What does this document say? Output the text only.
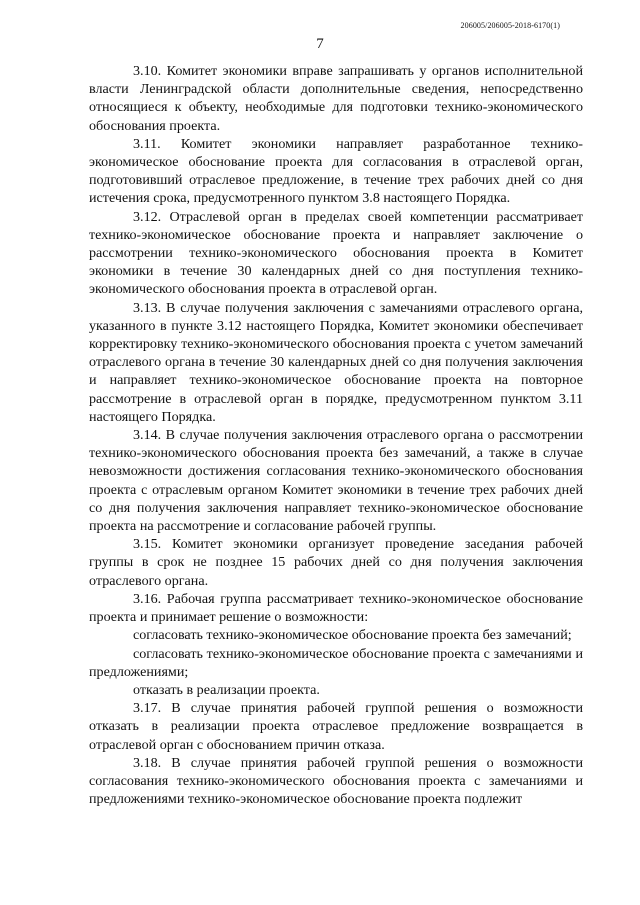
206005/206005-2018-6170(1)
7

3.10. Комитет экономики вправе запрашивать у органов исполнительной власти Ленинградской области дополнительные сведения, непосредственно относящиеся к объекту, необходимые для подготовки технико-экономического обоснования проекта.

3.11. Комитет экономики направляет разработанное технико-экономическое обоснование проекта для согласования в отраслевой орган, подготовивший отраслевое предложение, в течение трех рабочих дней со дня истечения срока, предусмотренного пунктом 3.8 настоящего Порядка.

3.12. Отраслевой орган в пределах своей компетенции рассматривает технико-экономическое обоснование проекта и направляет заключение о рассмотрении технико-экономического обоснования проекта в Комитет экономики в течение 30 календарных дней со дня поступления технико-экономического обоснования проекта в отраслевой орган.

3.13. В случае получения заключения с замечаниями отраслевого органа, указанного в пункте 3.12 настоящего Порядка, Комитет экономики обеспечивает корректировку технико-экономического обоснования проекта с учетом замечаний отраслевого органа в течение 30 календарных дней со дня получения заключения и направляет технико-экономическое обоснование проекта на повторное рассмотрение в отраслевой орган в порядке, предусмотренном пунктом 3.11 настоящего Порядка.

3.14. В случае получения заключения отраслевого органа о рассмотрении технико-экономического обоснования проекта без замечаний, а также в случае невозможности достижения согласования технико-экономического обоснования проекта с отраслевым органом Комитет экономики в течение трех рабочих дней со дня получения заключения направляет технико-экономическое обоснование проекта на рассмотрение и согласование рабочей группы.

3.15. Комитет экономики организует проведение заседания рабочей группы в срок не позднее 15 рабочих дней со дня получения заключения отраслевого органа.

3.16. Рабочая группа рассматривает технико-экономическое обоснование проекта и принимает решение о возможности:

согласовать технико-экономическое обоснование проекта без замечаний;

согласовать технико-экономическое обоснование проекта с замечаниями и предложениями;

отказать в реализации проекта.

3.17. В случае принятия рабочей группой решения о возможности отказать в реализации проекта отраслевое предложение возвращается в отраслевой орган с обоснованием причин отказа.

3.18. В случае принятия рабочей группой решения о возможности согласования технико-экономического обоснования проекта с замечаниями и предложениями технико-экономическое обоснование проекта подлежит
